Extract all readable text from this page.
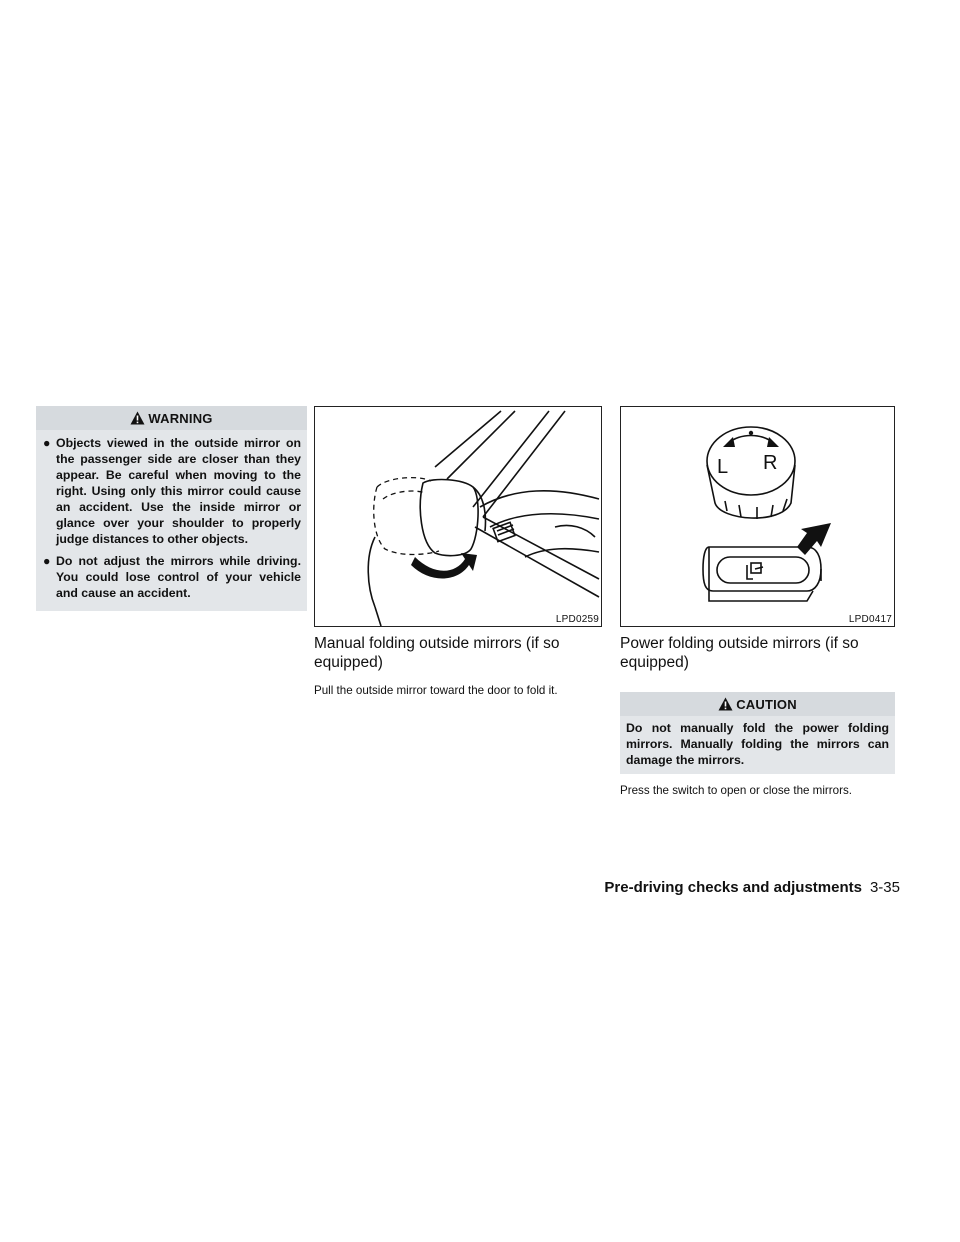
WARNING
● Objects viewed in the outside mirror on the passenger side are closer than they appear. Be careful when moving to the right. Using only this mirror could cause an accident. Use the inside mirror or glance over your shoulder to properly judge distances to other objects.
● Do not adjust the mirrors while driving. You could lose control of your vehicle and cause an accident.
LPD0259
Manual folding outside mirrors (if so equipped)
Pull the outside mirror toward the door to fold it.
L R
LPD0417
Power folding outside mirrors (if so equipped)
CAUTION
Do not manually fold the power folding mirrors. Manually folding the mirrors can damage the mirrors.
Press the switch to open or close the mirrors.
Pre-driving checks and adjustments 3-35
